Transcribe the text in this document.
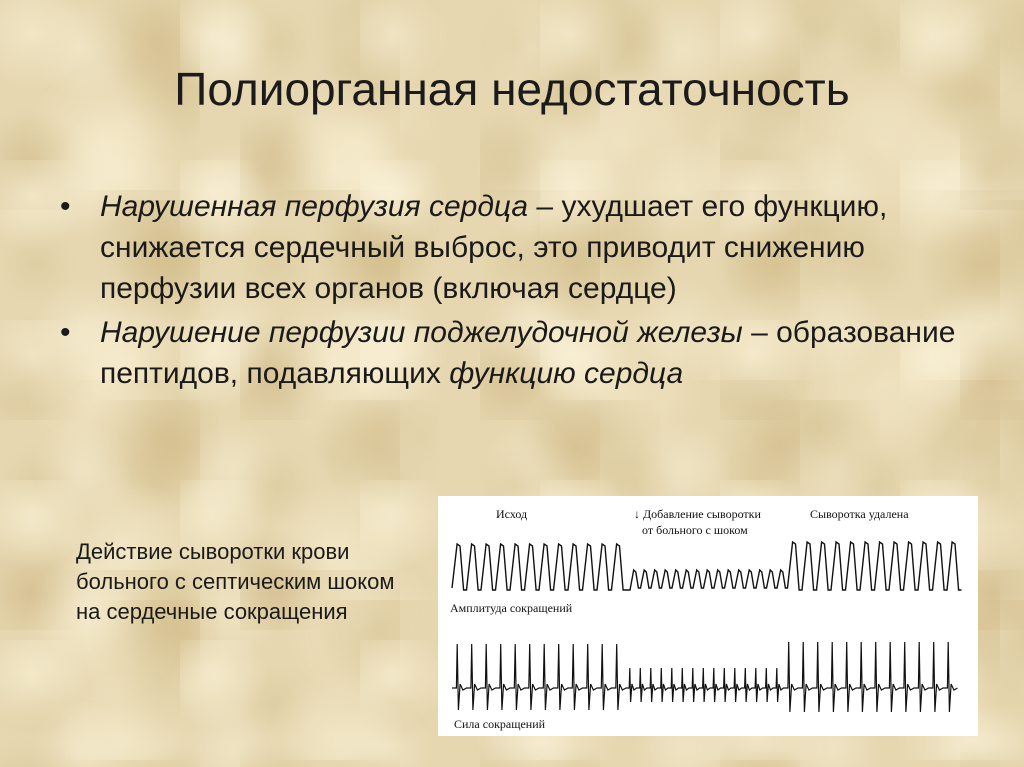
Полиорганная недостаточность
• Нарушенная перфузия сердца – ухудшает его функцию, снижается сердечный выброс, это приводит снижению перфузии всех органов (включая сердце)
• Нарушение перфузии поджелудочной железы – образование пептидов, подавляющих функцию сердца

Действие сыворотки крови больного с септическим шоком на сердечные сокращения

Исход	↓ Добавление сыворотки
от больного с шоком
Сыворотка удалена
Амплитуда сокращений
Сила сокращений
